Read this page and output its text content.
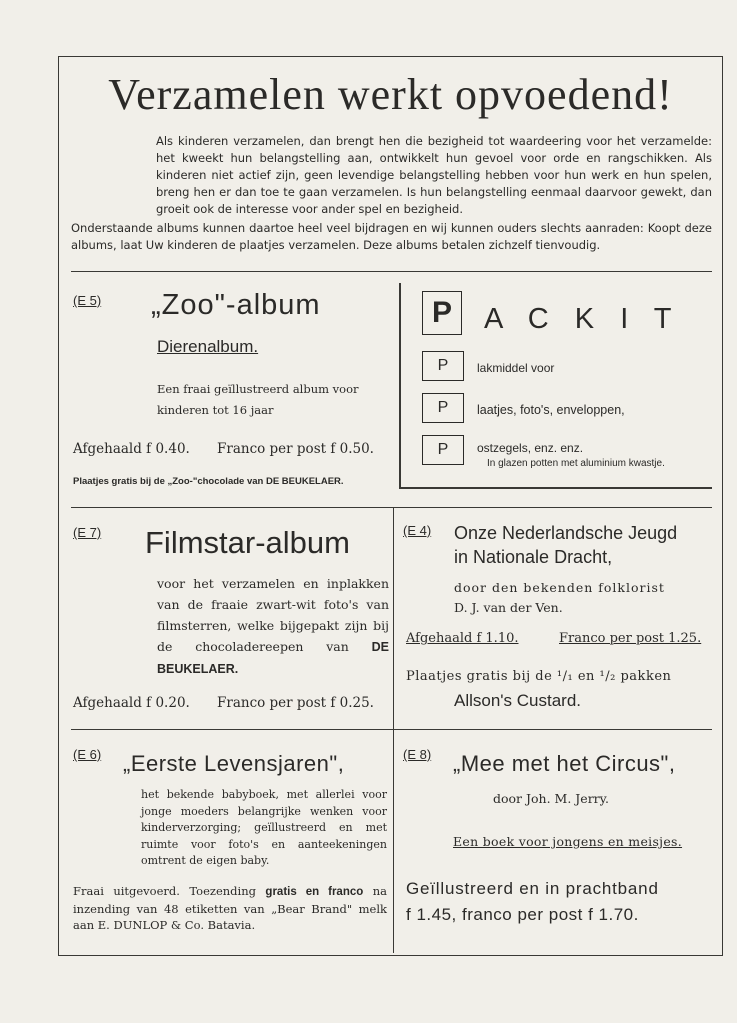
Verzamelen werkt opvoedend!
Als kinderen verzamelen, dan brengt hen die bezigheid tot waardeering voor het verzamelde: het kweekt hun belangstelling aan, ontwikkelt hun gevoel voor orde en rangschikken. Als kinderen niet actief zijn, geen levendige belangstelling hebben voor hun werk en hun spelen, breng hen er dan toe te gaan verzamelen. Is hun belangstelling eenmaal daarvoor gewekt, dan groeit ook de interesse voor ander spel en bezigheid.
Onderstaande albums kunnen daartoe heel veel bijdragen en wij kunnen ouders slechts aanraden: Koopt deze albums, laat Uw kinderen de plaatjes verzamelen. Deze albums betalen zichzelf tienvoudig.
(E 5) „Zoo"-album
Dierenalbum.
Een fraai geïllustreerd album voor kinderen tot 16 jaar
Afgehaald f 0.40. Franco per post f 0.50.
Plaatjes gratis bij de „Zoo-"chocolade van DE BEUKELAER.
P	A C K I T
P	lakmiddel voor
P	laatjes, foto's, enveloppen,
P	ostzegels, enz. enz.
In glazen potten met aluminium kwastje.
(E 7) Filmstar-album
voor het verzamelen en inplakken van de fraaie zwart-wit foto's van filmsterren, welke bijgepakt zijn bij de chocoladereepen van DE BEUKELAER.
Afgehaald f 0.20. Franco per post f 0.25.
(E 4) Onze Nederlandsche Jeugd
in Nationale Dracht,
door den bekenden folklorist
D. J. van der Ven.
Afgehaald f 1.10.	Franco per post 1.25.
Plaatjes gratis bij de ¹/₁ en ¹/₂ pakken
Allson's Custard.
(E 6) „Eerste Levensjaren",
het bekende babyboek, met allerlei voor jonge moeders belangrijke wenken voor kinderverzorging; geïllustreerd en met ruimte voor foto's en aanteekeningen omtrent de eigen baby.
Fraai uitgevoerd. Toezending gratis en franco na inzending van 48 etiketten van „Bear Brand" melk aan E. DUNLOP & Co. Batavia.
(E 8) „Mee met het Circus",
door Joh. M. Jerry.
Een boek voor jongens en meisjes.
Geïllustreerd en in prachtband
f 1.45, franco per post f 1.70.
